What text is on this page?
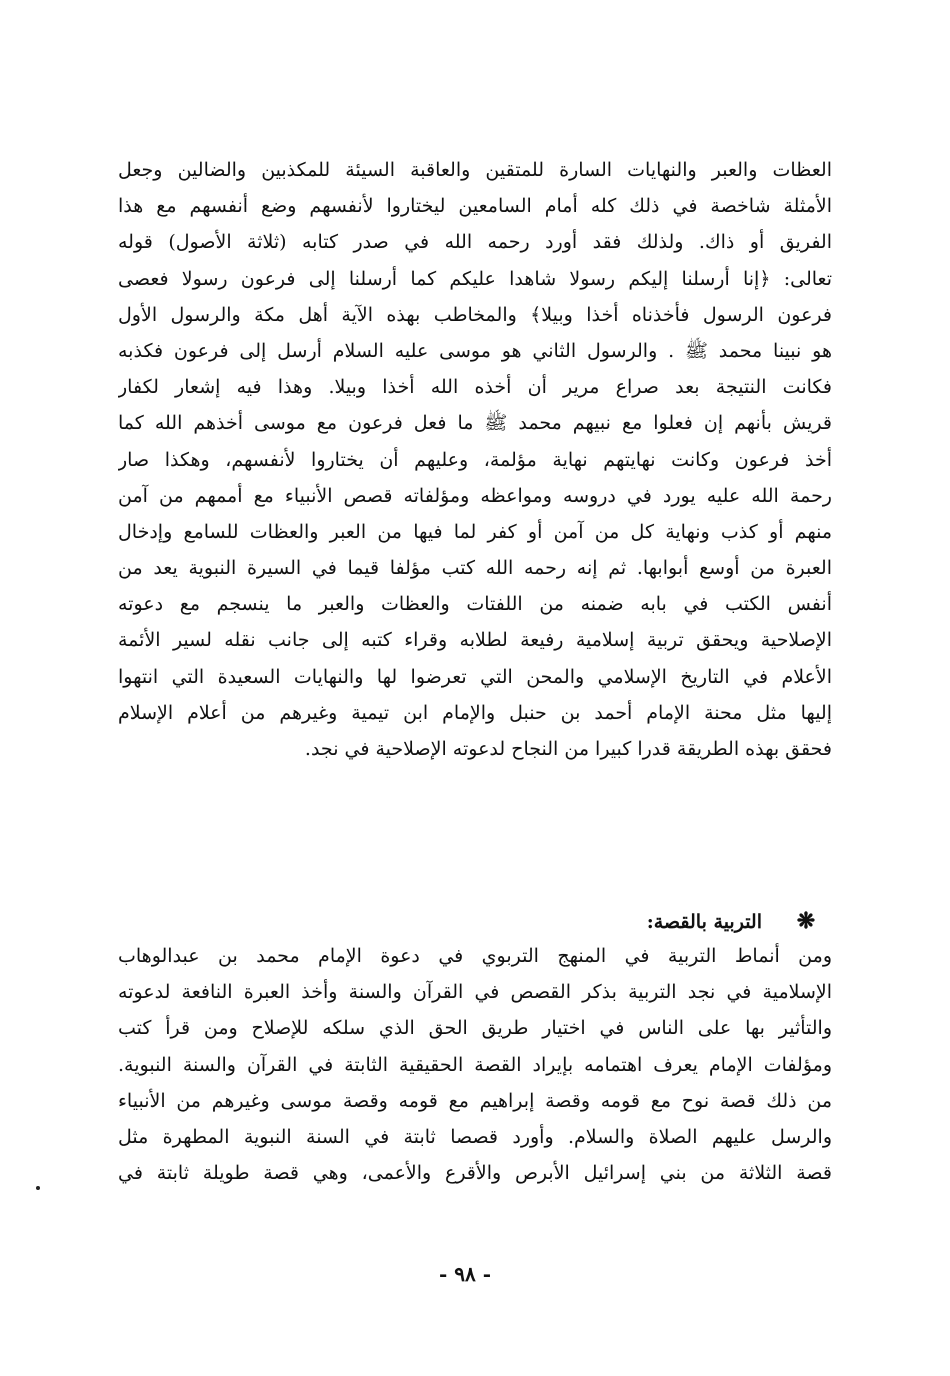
العظات والعبر والنهايات السارة للمتقين والعاقبة السيئة للمكذبين والضالين وجعل
الأمثلة شاخصة في ذلك كله أمام السامعين ليختاروا لأنفسهم وضع أنفسهم مع هذا
الفريق أو ذاك. ولذلك فقد أورد رحمه الله في صدر كتابه (ثلاثة الأصول) قوله
تعالى: ﴿إنا أرسلنا إليكم رسولا شاهدا عليكم كما أرسلنا إلى فرعون رسولا فعصى
فرعون الرسول فأخذناه أخذا وبيلا﴾ والمخاطب بهذه الآية أهل مكة والرسول الأول
هو نبينا محمد ﷺ . والرسول الثاني هو موسى عليه السلام أرسل إلى فرعون فكذبه
فكانت النتيجة بعد صراع مرير أن أخذه الله أخذا وبيلا. وهذا فيه إشعار لكفار
قريش بأنهم إن فعلوا مع نبيهم محمد ﷺ ما فعل فرعون مع موسى أخذهم الله كما
أخذ فرعون وكانت نهايتهم نهاية مؤلمة، وعليهم أن يختاروا لأنفسهم، وهكذا صار
رحمة الله عليه يورد في دروسه ومواعظه ومؤلفاته قصص الأنبياء مع أممهم من آمن
منهم أو كذب ونهاية كل من آمن أو كفر لما فيها من العبر والعظات للسامع وإدخال
العبرة من أوسع أبوابها. ثم إنه رحمه الله كتب مؤلفا قيما في السيرة النبوية يعد من
أنفس الكتب في بابه ضمنه من اللفتات والعظات والعبر ما ينسجم مع دعوته
الإصلاحية ويحقق تربية إسلامية رفيعة لطلابه وقراء كتبه إلى جانب نقله لسير الأئمة
الأعلام في التاريخ الإسلامي والمحن التي تعرضوا لها والنهايات السعيدة التي انتهوا
إليها مثل محنة الإمام أحمد بن حنبل والإمام ابن تيمية وغيرهم من أعلام الإسلام
فحقق بهذه الطريقة قدرا كبيرا من النجاح لدعوته الإصلاحية في نجد.
❋التربية بالقصة:
ومن أنماط التربية في المنهج التربوي في دعوة الإمام محمد بن عبدالوهاب
الإسلامية في نجد التربية بذكر القصص في القرآن والسنة وأخذ العبرة النافعة لدعوته
والتأثير بها على الناس في اختيار طريق الحق الذي سلكه للإصلاح ومن قرأ كتب
ومؤلفات الإمام يعرف اهتمامه بإيراد القصة الحقيقية الثابتة في القرآن والسنة النبوية.
من ذلك قصة نوح مع قومه وقصة إبراهيم مع قومه وقصة موسى وغيرهم من الأنبياء
والرسل عليهم الصلاة والسلام. وأورد قصصا ثابتة في السنة النبوية المطهرة مثل
قصة الثلاثة من بني إسرائيل الأبرص والأقرع والأعمى، وهي قصة طويلة ثابتة في
- ٩٨ -
